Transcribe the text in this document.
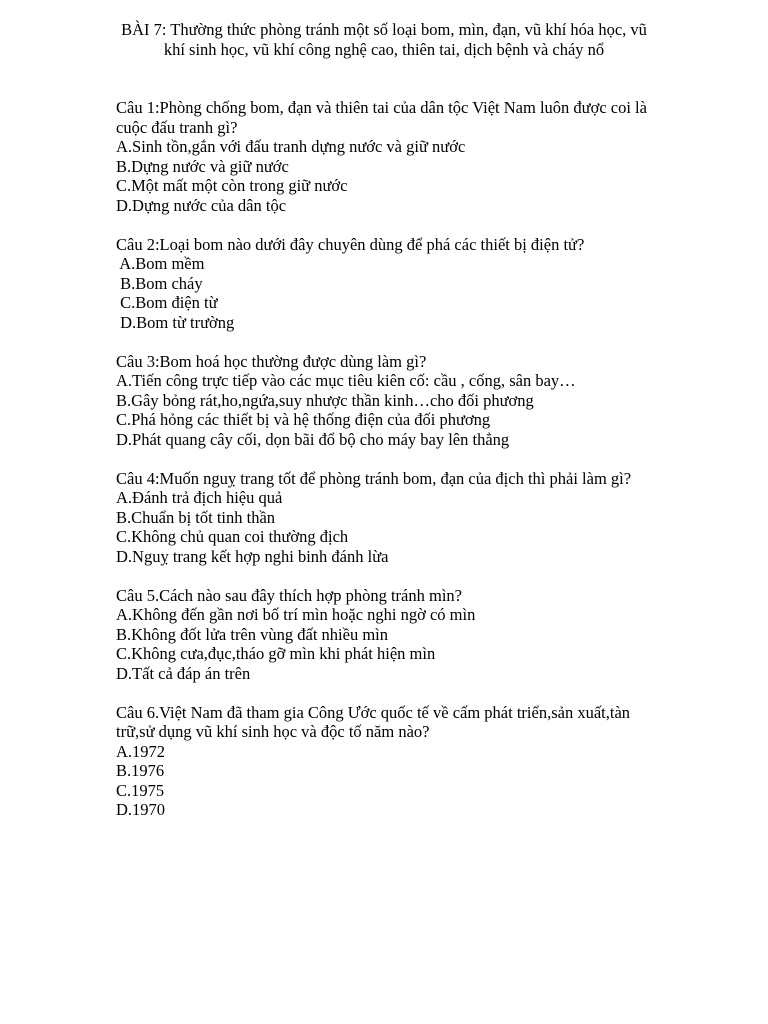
BÀI 7: Thường thức phòng tránh một số loại bom, mìn, đạn, vũ khí hóa học, vũ khí sinh học, vũ khí công nghệ cao, thiên tai, dịch bệnh và cháy nổ
Câu 1:Phòng chống bom, đạn và thiên tai của dân tộc Việt Nam luôn được coi là cuộc đấu tranh gì?
A.Sinh tồn,gắn với đấu tranh dựng nước và giữ nước
B.Dựng nước và giữ nước
C.Một mất một còn trong giữ nước
D.Dựng nước của dân tộc
Câu 2:Loại bom nào dưới đây chuyên dùng để phá các thiết bị điện tử?
A.Bom mềm
B.Bom cháy
C.Bom điện từ
D.Bom từ trường
Câu 3:Bom hoá học thường được dùng làm gì?
A.Tiến công trực tiếp vào các mục tiêu kiên cố: cầu , cống, sân bay…
B.Gây bỏng rát,ho,ngứa,suy nhược thần kinh…cho đối phương
C.Phá hỏng các thiết bị và hệ thống điện của đối phương
D.Phát quang cây cối, dọn bãi đổ bộ cho máy bay lên thẳng
Câu 4:Muốn nguỵ trang tốt để phòng tránh bom, đạn của địch thì phải làm gì?
A.Đánh trả địch hiệu quả
B.Chuẩn bị tốt tinh thần
C.Không chủ quan coi thường địch
D.Nguỵ trang kết hợp nghi binh đánh lừa
Câu 5.Cách nào sau đây thích hợp phòng tránh mìn?
A.Không đến gần nơi bố trí mìn hoặc nghi ngờ có mìn
B.Không đốt lửa trên vùng đất nhiều mìn
C.Không cưa,đục,tháo gỡ mìn khi phát hiện mìn
D.Tất cả đáp án trên
Câu 6.Việt Nam đã tham gia Công Ước quốc tế về cấm phát triển,sản xuất,tàn trữ,sử dụng vũ khí sinh học và độc tố năm nào?
A.1972
B.1976
C.1975
D.1970
